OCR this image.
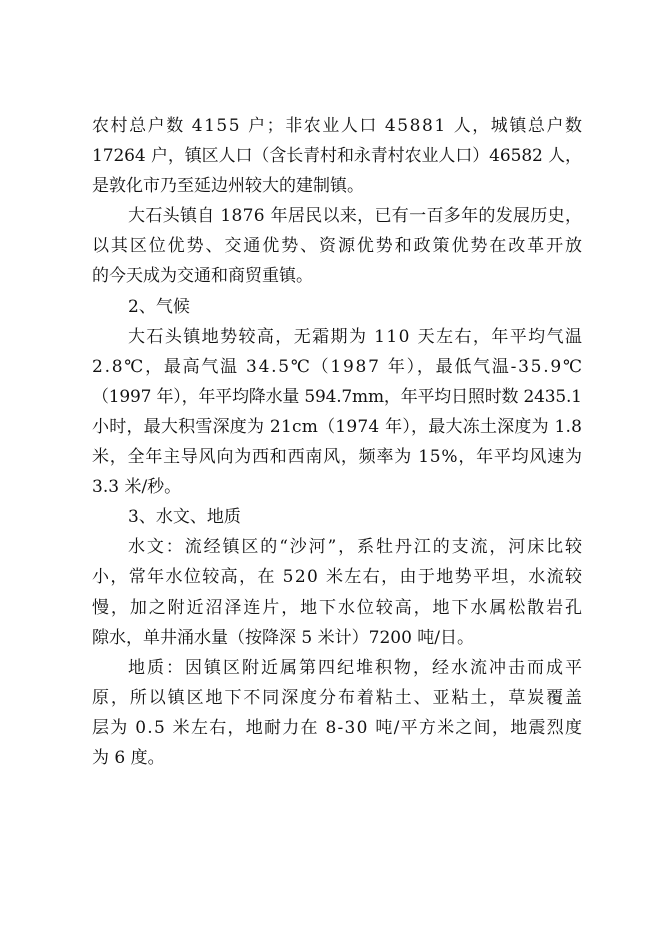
农村总户数 4155 户；非农业人口 45881 人，城镇总户数
17264 户，镇区人口（含长青村和永青村农业人口）46582 人，
是敦化市乃至延边州较大的建制镇。
大石头镇自 1876 年居民以来，已有一百多年的发展历史，
以其区位优势、交通优势、资源优势和政策优势在改革开放
的今天成为交通和商贸重镇。
2、气候
大石头镇地势较高，无霜期为 110 天左右，年平均气温
2.8℃，最高气温 34.5℃（1987 年），最低气温-35.9℃
（1997 年），年平均降水量 594.7mm，年平均日照时数 2435.1
小时，最大积雪深度为 21cm（1974 年），最大冻土深度为 1.8
米，全年主导风向为西和西南风，频率为 15%，年平均风速为
3.3 米/秒。
3、水文、地质
水文：流经镇区的“沙河”，系牡丹江的支流，河床比较
小，常年水位较高，在 520 米左右，由于地势平坦，水流较
慢，加之附近沼泽连片，地下水位较高，地下水属松散岩孔
隙水，单井涌水量（按降深 5 米计）7200 吨/日。
地质：因镇区附近属第四纪堆积物，经水流冲击而成平
原，所以镇区地下不同深度分布着粘土、亚粘土，草炭覆盖
层为 0.5 米左右，地耐力在 8-30 吨/平方米之间，地震烈度
为 6 度。
